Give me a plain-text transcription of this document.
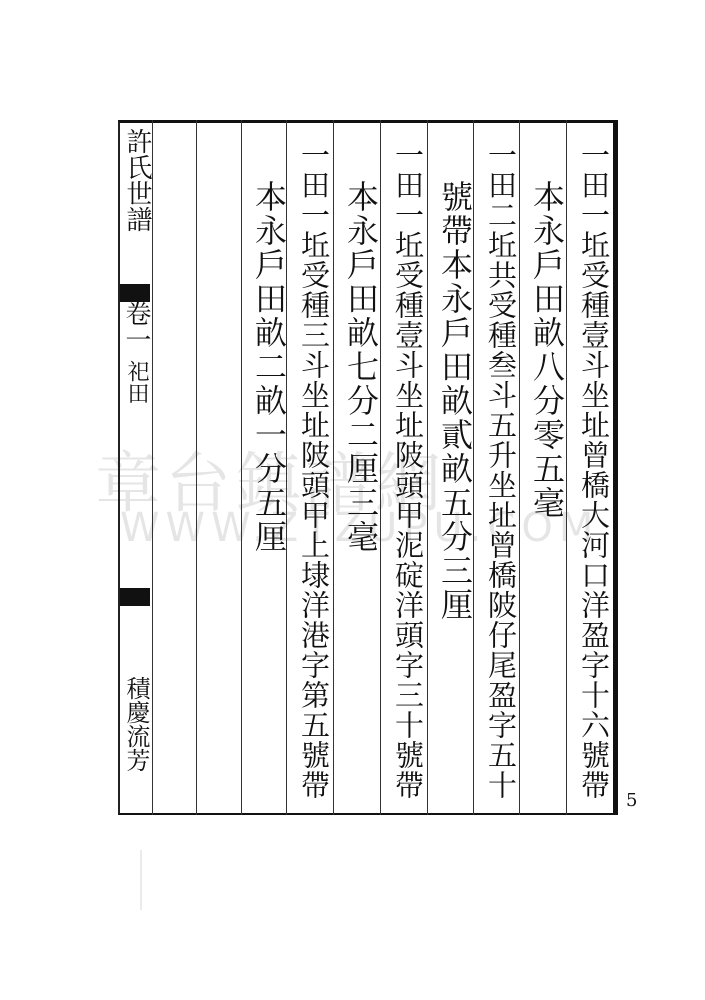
章台鎮譜網
WWW.ZTZUPU.COM
許氏世譜
卷一
祀田
積慶流芳	一田一坵受種壹斗坐址曾橋大河口洋盈字十六號帶
本永戶田畝八分零五毫
一田二坵共受種叁斗五升坐址曾橋陂仔尾盈字五十
號帶本永戶田畝貳畝五分三厘
一田一坵受種壹斗坐址陂頭甲泥碇洋頭字三十號帶
本永戶田畝七分二厘三毫
一田一坵受種三斗坐址陂頭甲上埭洋港字第五號帶
本永戶田畝二畝一分五厘
5
